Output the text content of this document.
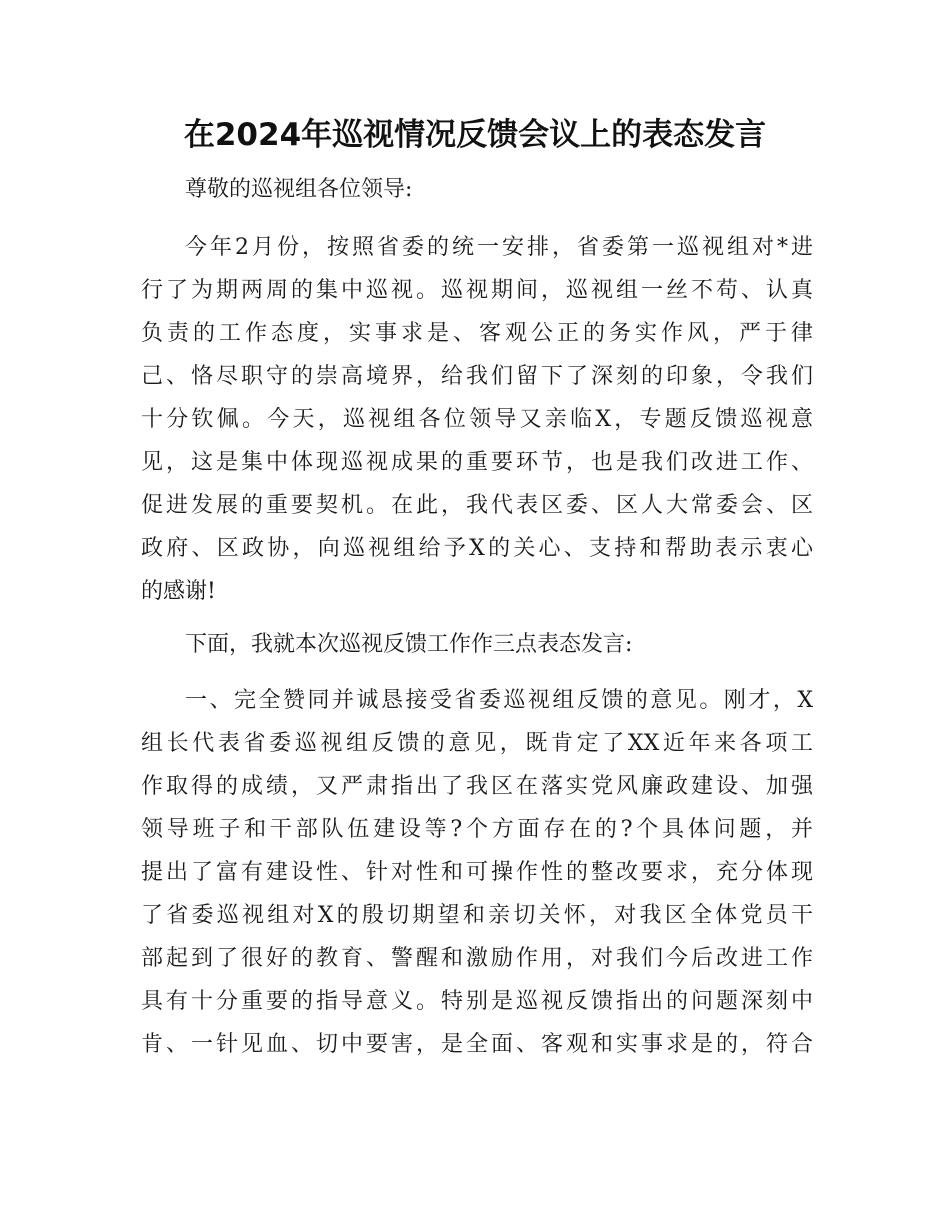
在2024年巡视情况反馈会议上的表态发言
尊敬的巡视组各位领导:
今年2月份，按照省委的统一安排，省委第一巡视组对*进
行了为期两周的集中巡视。巡视期间，巡视组一丝不苟、认真
负责的工作态度，实事求是、客观公正的务实作风，严于律
己、恪尽职守的崇高境界，给我们留下了深刻的印象，令我们
十分钦佩。今天，巡视组各位领导又亲临X，专题反馈巡视意
见，这是集中体现巡视成果的重要环节，也是我们改进工作、
促进发展的重要契机。在此，我代表区委、区人大常委会、区
政府、区政协，向巡视组给予X的关心、支持和帮助表示衷心
的感谢!
下面，我就本次巡视反馈工作作三点表态发言:
一、完全赞同并诚恳接受省委巡视组反馈的意见。刚才，X
组长代表省委巡视组反馈的意见，既肯定了XX近年来各项工
作取得的成绩，又严肃指出了我区在落实党风廉政建设、加强
领导班子和干部队伍建设等?个方面存在的?个具体问题，并
提出了富有建设性、针对性和可操作性的整改要求，充分体现
了省委巡视组对X的殷切期望和亲切关怀，对我区全体党员干
部起到了很好的教育、警醒和激励作用，对我们今后改进工作
具有十分重要的指导意义。特别是巡视反馈指出的问题深刻中
肯、一针见血、切中要害，是全面、客观和实事求是的，符合
